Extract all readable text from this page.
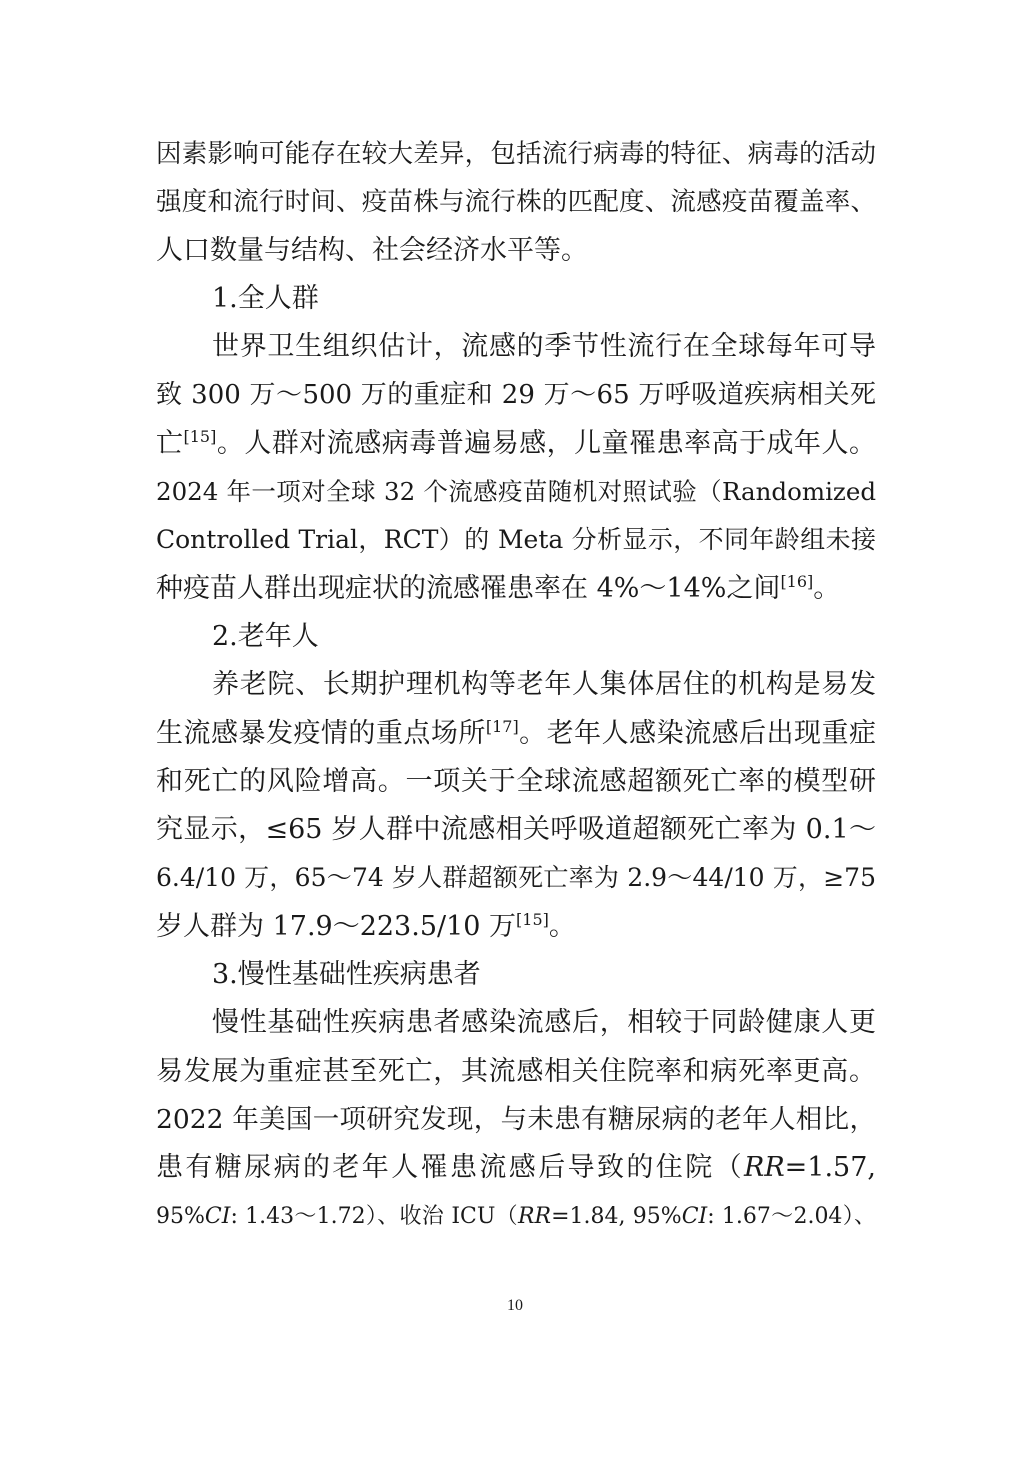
因素影响可能存在较大差异，包括流行病毒的特征、病毒的活动
强度和流行时间、疫苗株与流行株的匹配度、流感疫苗覆盖率、
人口数量与结构、社会经济水平等。
1.全人群
世界卫生组织估计，流感的季节性流行在全球每年可导
致 300 万～500 万的重症和 29 万～65 万呼吸道疾病相关死
亡[15]。人群对流感病毒普遍易感，儿童罹患率高于成年人。
2024 年一项对全球 32 个流感疫苗随机对照试验（Randomized
Controlled Trial，RCT）的 Meta 分析显示，不同年龄组未接
种疫苗人群出现症状的流感罹患率在 4%～14%之间[16]。
2.老年人
养老院、长期护理机构等老年人集体居住的机构是易发
生流感暴发疫情的重点场所[17]。老年人感染流感后出现重症
和死亡的风险增高。一项关于全球流感超额死亡率的模型研
究显示，≤65 岁人群中流感相关呼吸道超额死亡率为 0.1～
6.4/10 万，65～74 岁人群超额死亡率为 2.9～44/10 万，≥75
岁人群为 17.9～223.5/10 万[15]。
3.慢性基础性疾病患者
慢性基础性疾病患者感染流感后，相较于同龄健康人更
易发展为重症甚至死亡，其流感相关住院率和病死率更高。
2022 年美国一项研究发现，与未患有糖尿病的老年人相比，
患有糖尿病的老年人罹患流感后导致的住院（RR=1.57,
95%CI: 1.43～1.72）、收治 ICU（RR=1.84, 95%CI: 1.67～2.04）、
10
